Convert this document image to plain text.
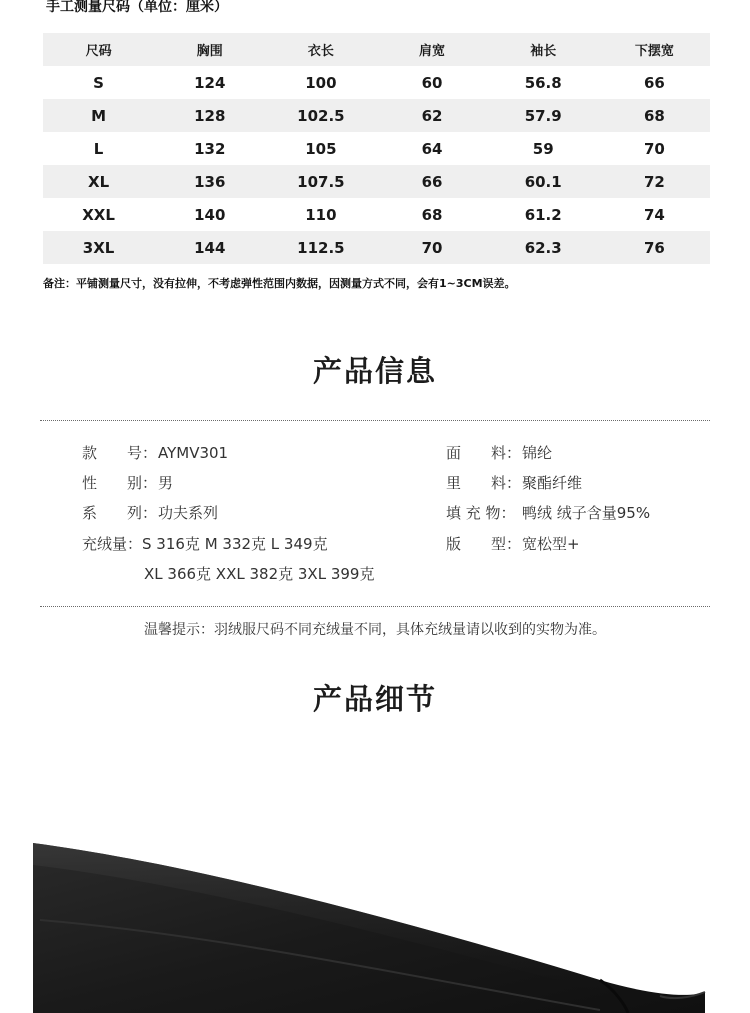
手工测量尺码（单位：厘米）
尺码	胸围	衣长	肩宽	袖长	下摆宽
S	124	100	60	56.8	66
M	128	102.5	62	57.9	68
L	132	105	64	59	70
XL	136	107.5	66	60.1	72
XXL	140	110	68	61.2	74
3XL	144	112.5	70	62.3	76
备注：平铺测量尺寸，没有拉伸，不考虑弹性范围内数据，因测量方式不同，会有1~3CM误差。
产品信息
款　　号：AYMV301
性　　别：男
系　　列：功夫系列
充绒量：S 316克 M 332克 L 349克
XL 366克 XXL 382克 3XL 399克
面　　料：锦纶
里　　料：聚酯纤维
填 充 物： 鸭绒 绒子含量95%
版　　型：宽松型+
温馨提示：羽绒服尺码不同充绒量不同，具体充绒量请以收到的实物为准。
产品细节
